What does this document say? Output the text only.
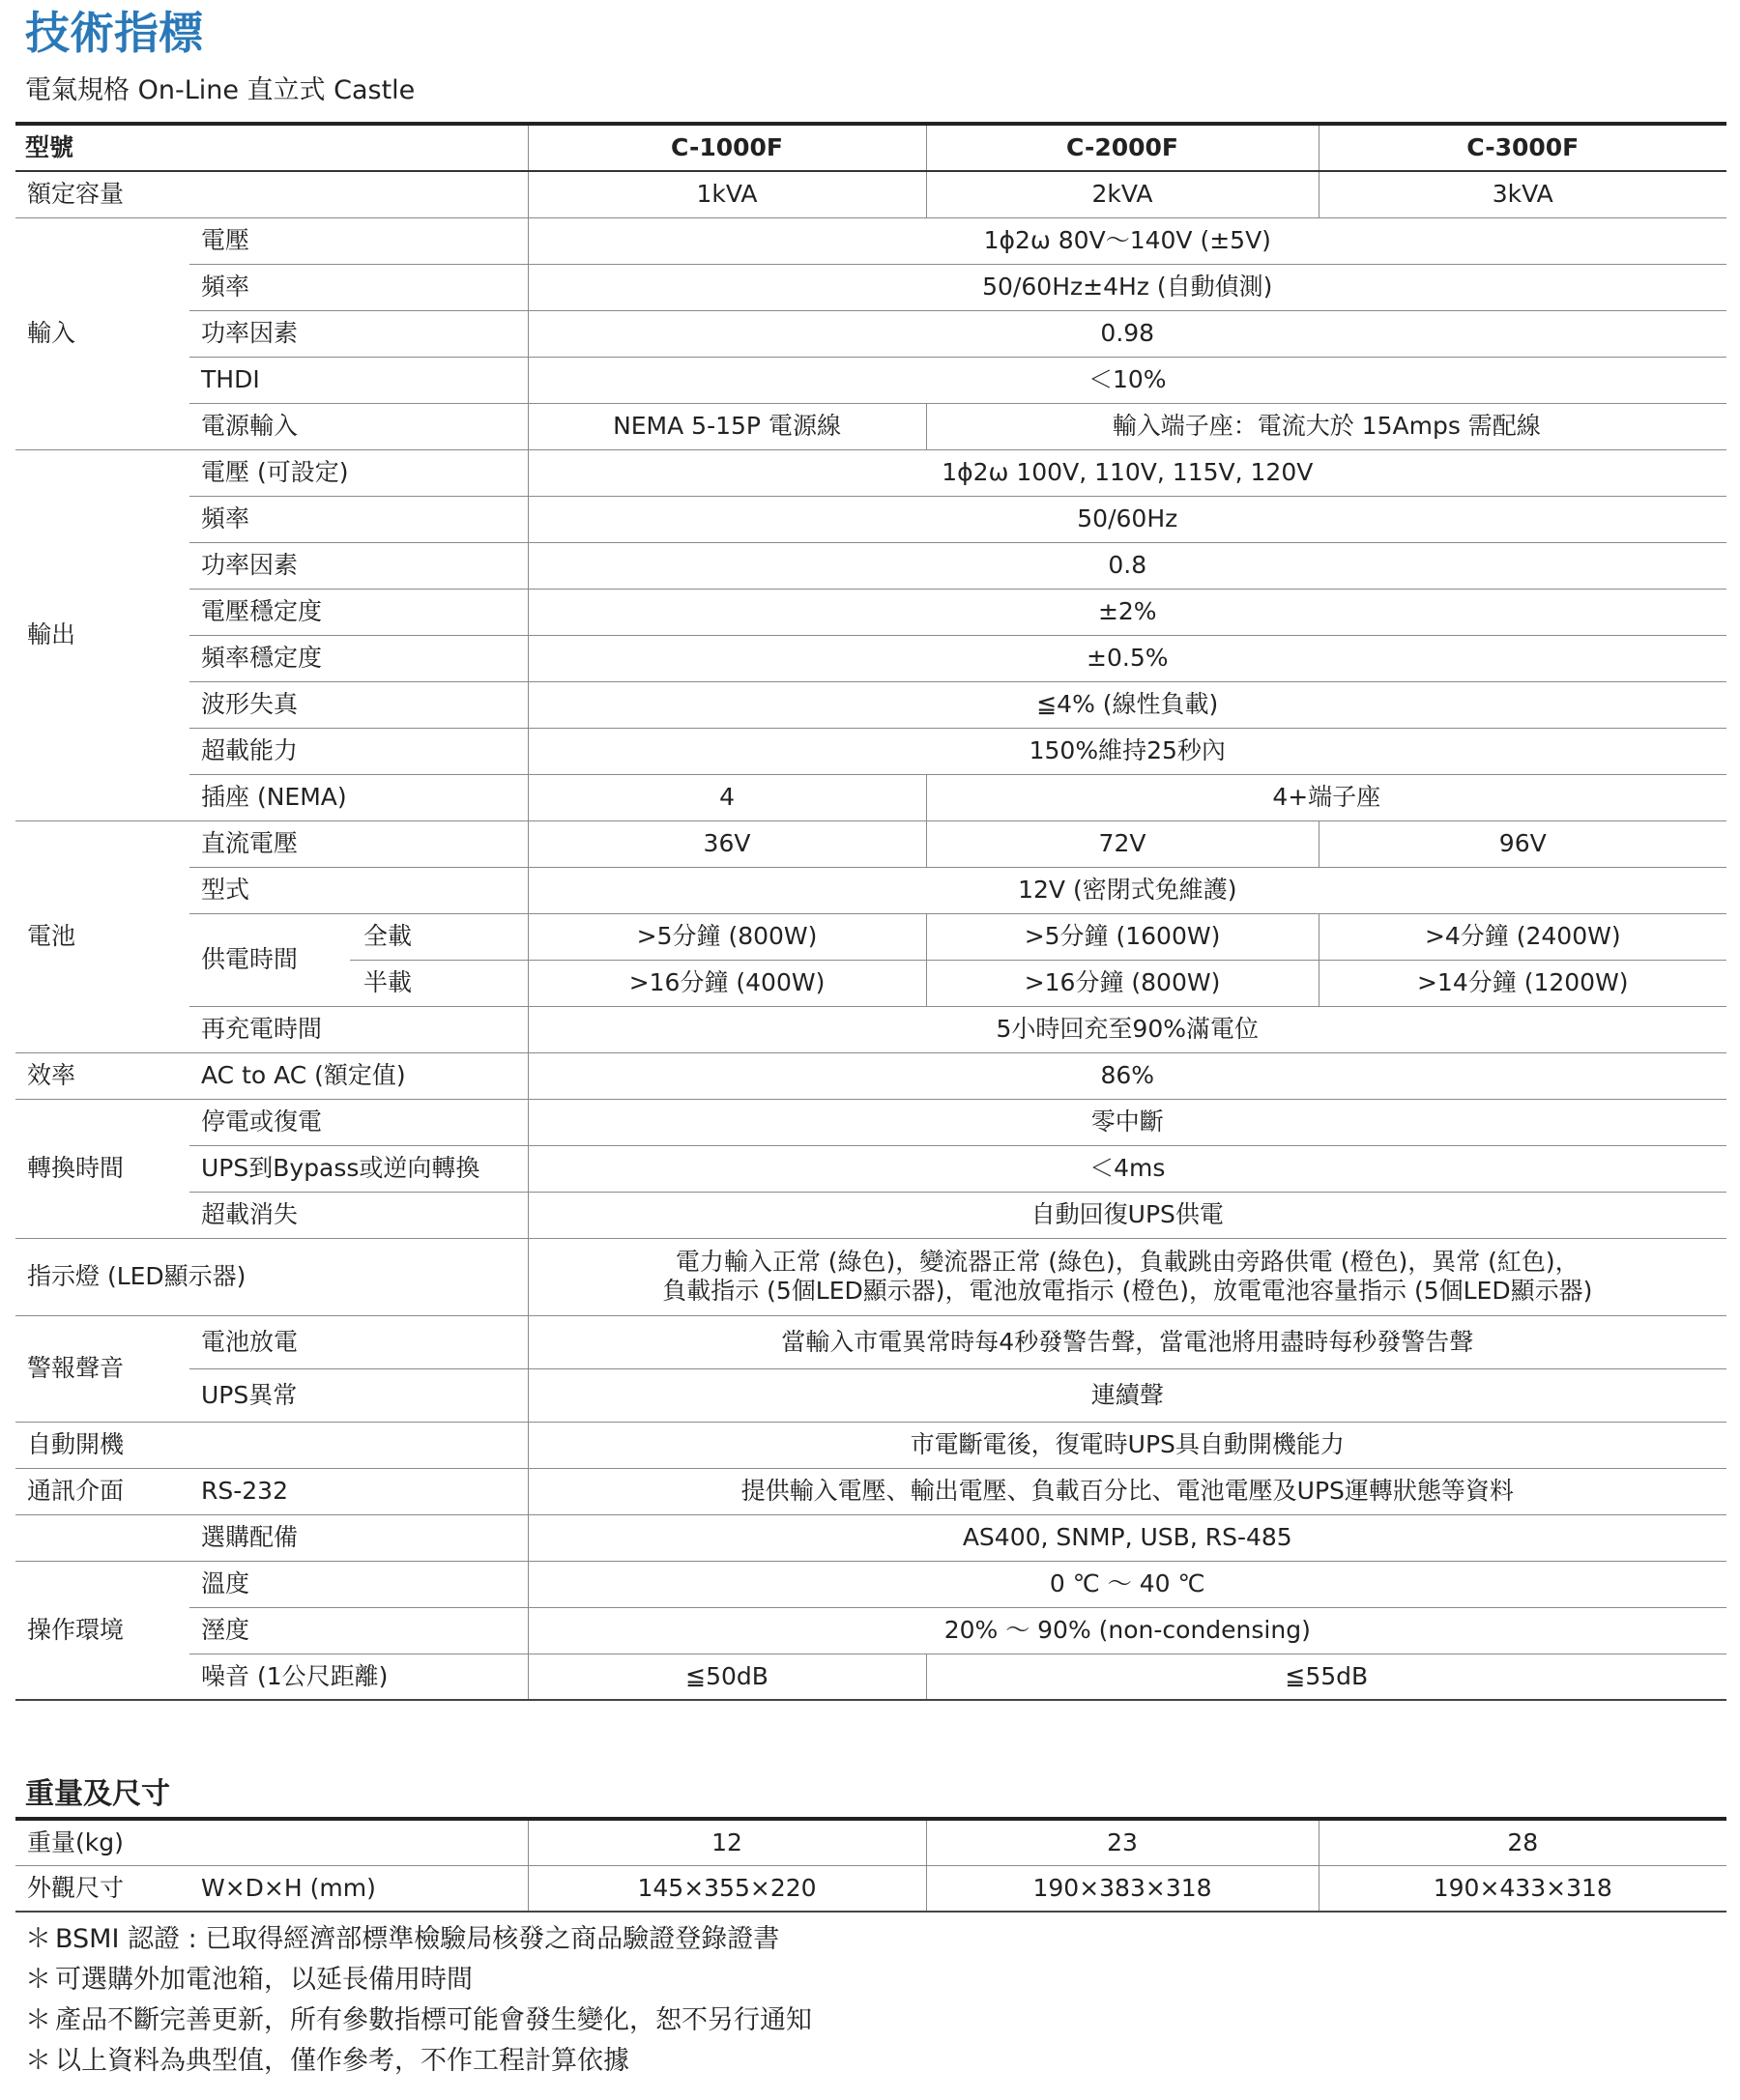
技術指標
電氣規格 On-Line 直立式 Castle
型號			C-1000F	C-2000F	C-3000F
額定容量			1kVA	2kVA	3kVA
輸入	電壓		1ϕ2ω 80V～140V (±5V)		
	頻率		50/60Hz±4Hz (自動偵測)		
	功率因素		0.98		
	THDI		＜10%		
	電源輸入		NEMA 5-15P 電源線	輸入端子座：電流大於 15Amps 需配線	
輸出	電壓 (可設定)		1ϕ2ω 100V, 110V, 115V, 120V		
	頻率		50/60Hz		
	功率因素		0.8		
	電壓穩定度		±2%		
	頻率穩定度		±0.5%		
	波形失真		≦4% (線性負載)		
	超載能力		150%維持25秒內		
	插座 (NEMA)		4	4+端子座	
電池	直流電壓		36V	72V	96V
	型式		12V (密閉式免維護)		
	供電時間	全載	>5分鐘 (800W)	>5分鐘 (1600W)	>4分鐘 (2400W)
		半載	>16分鐘 (400W)	>16分鐘 (800W)	>14分鐘 (1200W)
	再充電時間		5小時回充至90%滿電位		
效率	AC to AC (額定值)		86%		
轉換時間	停電或復電		零中斷		
	UPS到Bypass或逆向轉換		＜4ms		
	超載消失		自動回復UPS供電		
指示燈 (LED顯示器)			電力輸入正常 (綠色)，變流器正常 (綠色)，負載跳由旁路供電 (橙色)，異常 (紅色)，
負載指示 (5個LED顯示器)，電池放電指示 (橙色)，放電電池容量指示 (5個LED顯示器)		

警報聲音	電池放電		當輸入市電異常時每4秒發警告聲，當電池將用盡時每秒發警告聲		
	UPS異常		連續聲		
自動開機			市電斷電後，復電時UPS具自動開機能力		
通訊介面	RS-232		提供輸入電壓、輸出電壓、負載百分比、電池電壓及UPS運轉狀態等資料		
	選購配備		AS400, SNMP, USB, RS-485		
操作環境	溫度		0 ℃ ～ 40 ℃		
	溼度		20% ～ 90% (non-condensing)		
	噪音 (1公尺距離)		≦50dB	≦55dB	
重量及尺寸
重量(kg)		12	23	28
外觀尺寸	W×D×H (mm)	145×355×220	190×383×318	190×433×318
＊ BSMI 認證 : 已取得經濟部標準檢驗局核發之商品驗證登錄證書
＊ 可選購外加電池箱，以延長備用時間
＊ 產品不斷完善更新，所有參數指標可能會發生變化，恕不另行通知
＊ 以上資料為典型值，僅作參考，不作工程計算依據
